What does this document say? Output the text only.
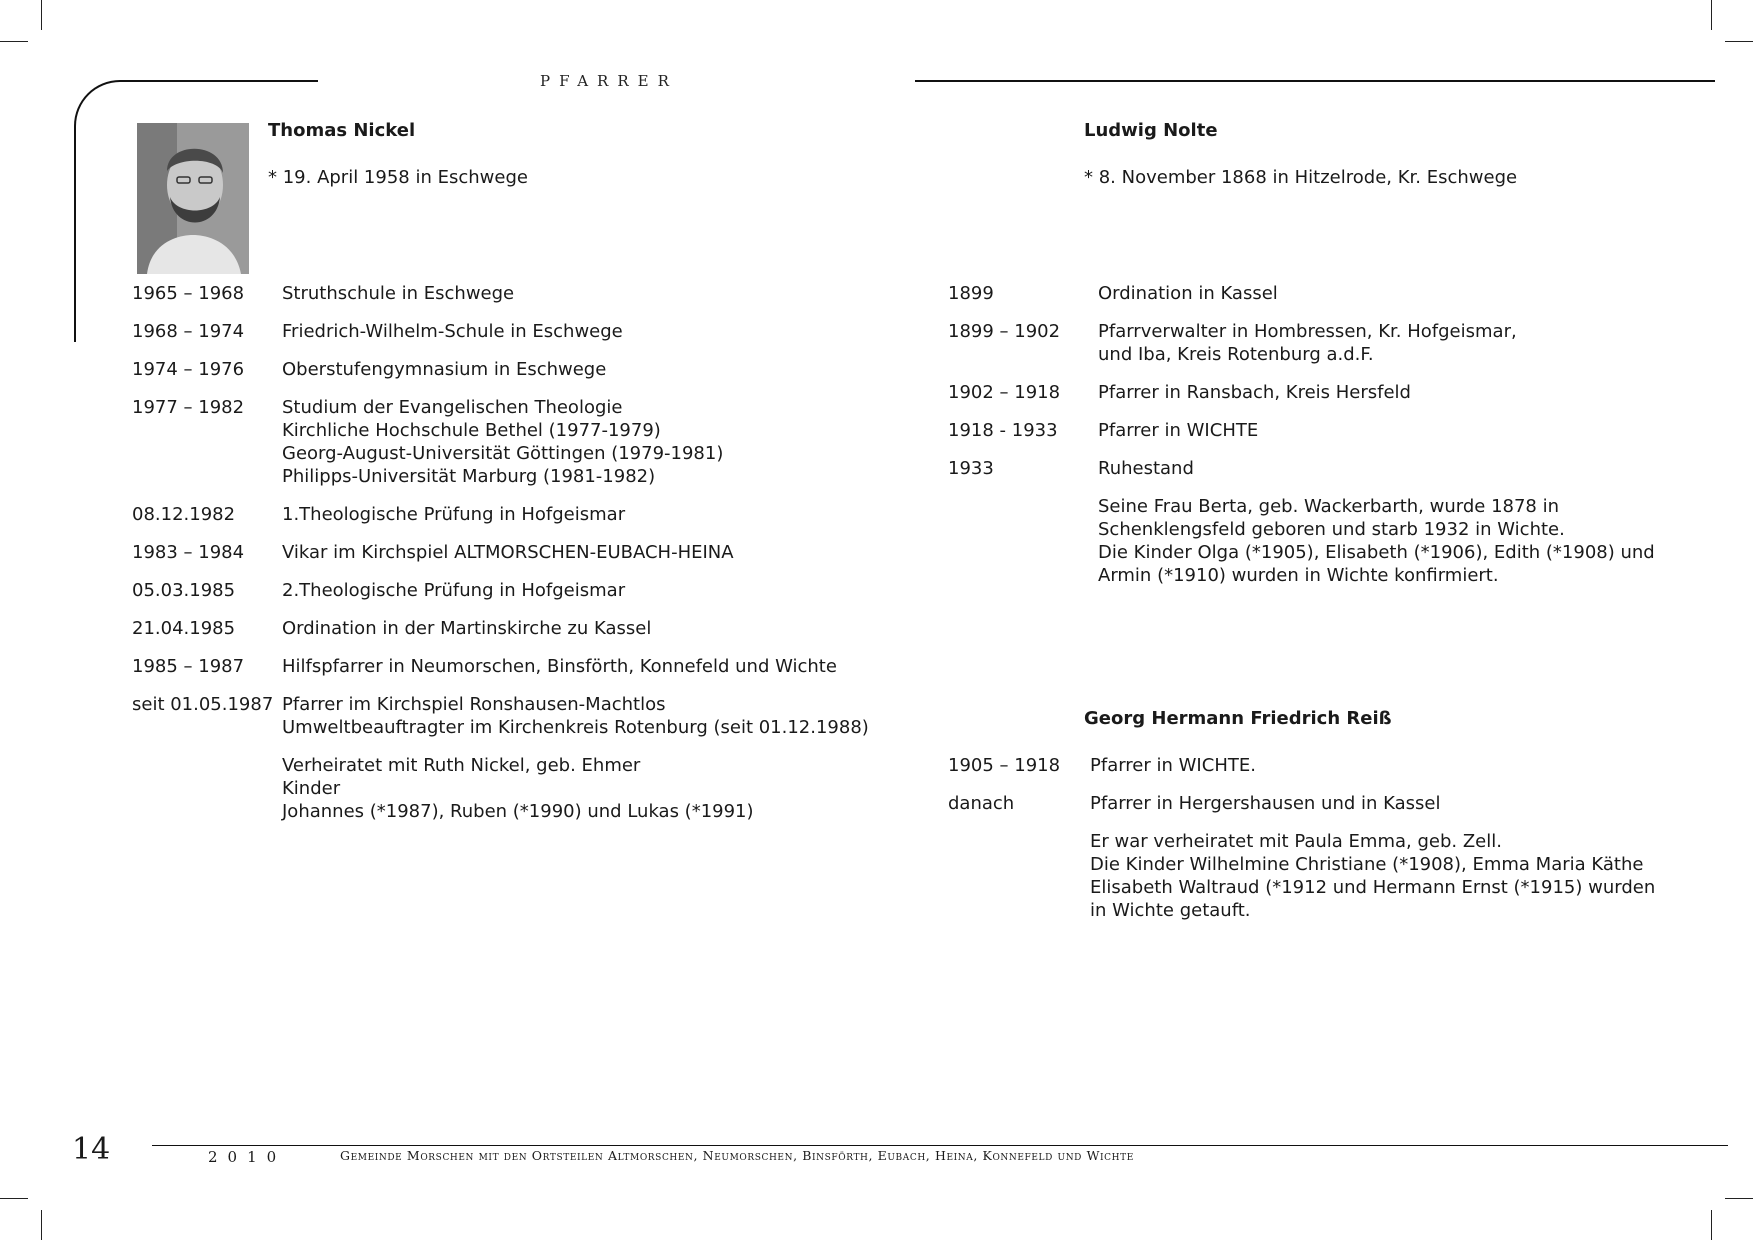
PFARRER
Thomas Nickel
* 19. April 1958 in Eschwege
1965 – 1968 Struthschule in Eschwege
1968 – 1974 Friedrich-Wilhelm-Schule in Eschwege
1974 – 1976 Oberstufengymnasium in Eschwege
1977 – 1982 Studium der Evangelischen Theologie
Kirchliche Hochschule Bethel (1977-1979)
Georg-August-Universität Göttingen (1979-1981)
Philipps-Universität Marburg (1981-1982)
08.12.1982	1.Theologische Prüfung in Hofgeismar
1983 – 1984 Vikar im Kirchspiel ALTMORSCHEN-EUBACH-HEINA
05.03.1985	2.Theologische Prüfung in Hofgeismar
21.04.1985	Ordination in der Martinskirche zu Kassel
1985 – 1987 Hilfspfarrer in Neumorschen, Binsförth, Konnefeld und Wichte
seit 01.05.1987 Pfarrer im Kirchspiel Ronshausen-Machtlos
Umweltbeauftragter im Kirchenkreis Rotenburg (seit 01.12.1988)
Verheiratet mit Ruth Nickel, geb. Ehmer
Kinder
Johannes (*1987), Ruben (*1990) und Lukas (*1991)
Ludwig Nolte
* 8. November 1868 in Hitzelrode, Kr. Eschwege
1899	Ordination in Kassel
1899 – 1902 Pfarrverwalter in Hombressen, Kr. Hofgeismar,
und Iba, Kreis Rotenburg a.d.F.
1902 – 1918 Pfarrer in Ransbach, Kreis Hersfeld
1918 - 1933 Pfarrer in WICHTE
1933	Ruhestand
Seine Frau Berta, geb. Wackerbarth, wurde 1878 in
Schenklengsfeld geboren und starb 1932 in Wichte.
Die Kinder Olga (*1905), Elisabeth (*1906), Edith (*1908) und
Armin (*1910) wurden in Wichte konfirmiert.
Georg Hermann Friedrich Reiß
1905 – 1918 Pfarrer in WICHTE.
danach	Pfarrer in Hergershausen und in Kassel
Er war verheiratet mit Paula Emma, geb. Zell.
Die Kinder Wilhelmine Christiane (*1908), Emma Maria Käthe
Elisabeth Waltraud (*1912 und Hermann Ernst (*1915) wurden
in Wichte getauft.
14	2010	Gemeinde Morschen mit den Ortsteilen Altmorschen, Neumorschen, Binsförth, Eubach, Heina, Konnefeld und Wichte
